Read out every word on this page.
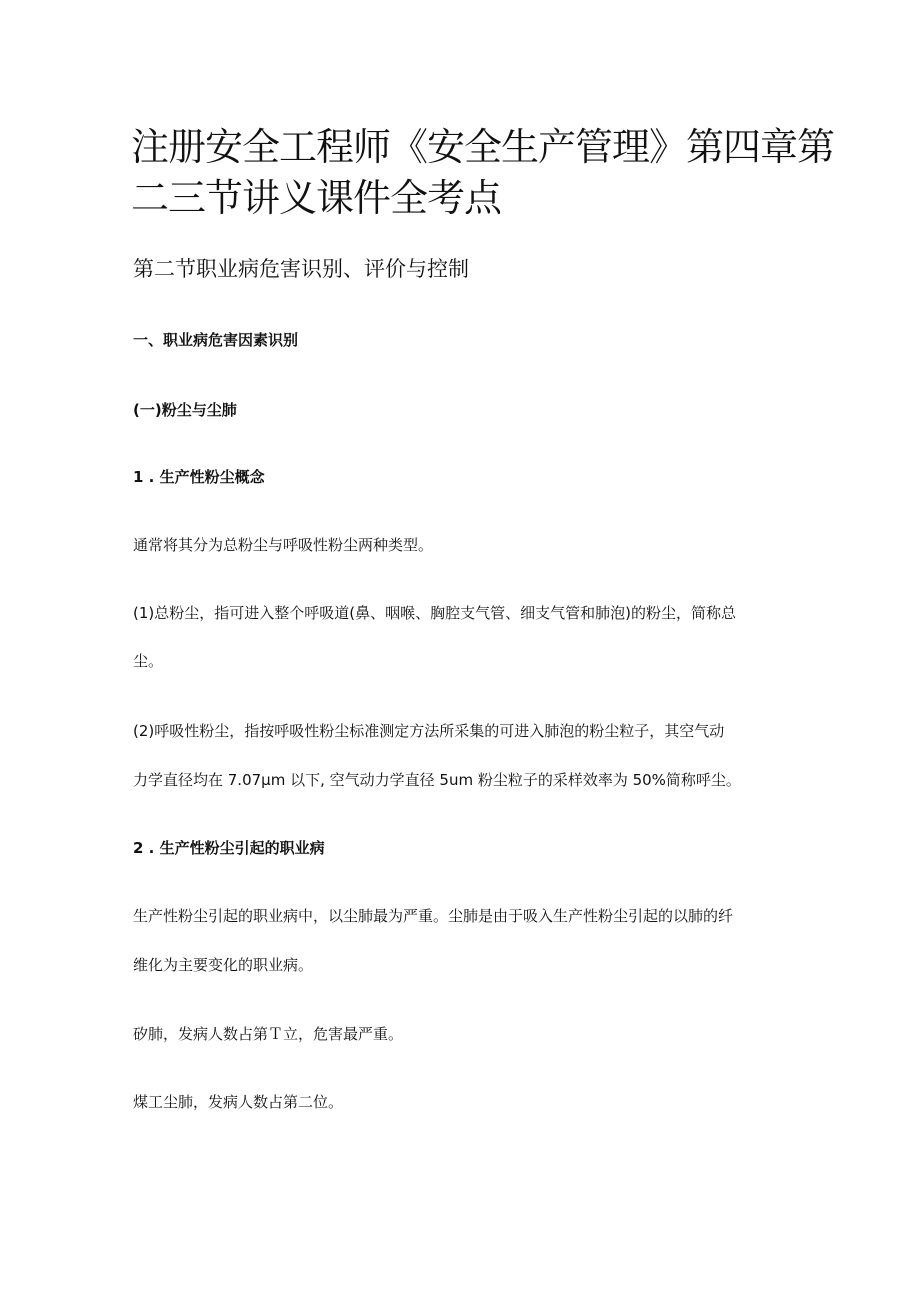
注册安全工程师《安全生产管理》第四章第
二三节讲义课件全考点
第二节职业病危害识别、评价与控制

一、职业病危害因素识别

(一)粉尘与尘肺

1 . 生产性粉尘概念

通常将其分为总粉尘与呼吸性粉尘两种类型。

(1)总粉尘，指可进入整个呼吸道(鼻、咽喉、胸腔支气管、细支气管和肺泡)的粉尘，简称总

尘。

(2)呼吸性粉尘，指按呼吸性粉尘标准测定方法所采集的可进入肺泡的粉尘粒子，其空气动

力学直径均在 7.07μm 以下, 空气动力学直径 5um 粉尘粒子的采样效率为 50%简称呼尘。

2 . 生产性粉尘引起的职业病

生产性粉尘引起的职业病中，以尘肺最为严重。尘肺是由于吸入生产性粉尘引起的以肺的纤

维化为主要变化的职业病。

矽肺，发病人数占第Ｔ立，危害最严重。

煤工尘肺，发病人数占第二位。
